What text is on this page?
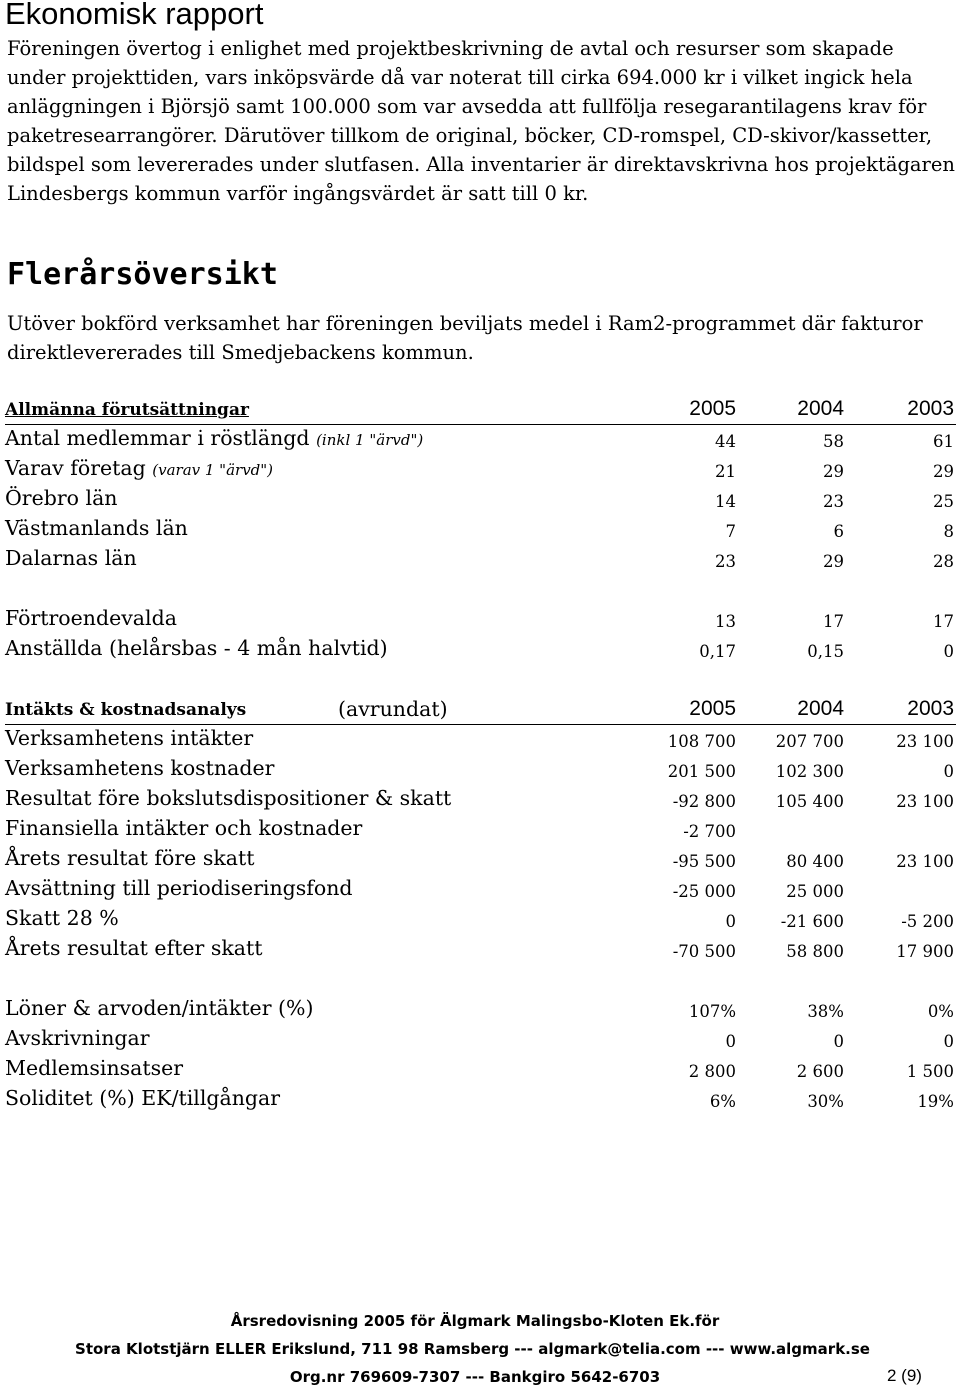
Ekonomisk rapport

Föreningen övertog i enlighet med projektbeskrivning de avtal och resurser som skapade under projekttiden, vars inköpsvärde då var noterat till cirka 694.000 kr i vilket ingick hela anläggningen i Björsjö samt 100.000 som var avsedda att fullfölja resegarantilagens krav för paketresearrangörer. Därutöver tillkom de original, böcker, CD-romspel, CD-skivor/kassetter, bildspel som levererades under slutfasen. Alla inventarier är direktavskrivna hos projektägaren Lindesbergs kommun varför ingångsvärdet är satt till 0 kr.

Flerårsöversikt

Utöver bokförd verksamhet har föreningen beviljats medel i Ram2-programmet där fakturor direktlevererades till Smedjebackens kommun.

Allmänna förutsättningar	2005	2004	2003
Antal medlemmar i röstlängd (inkl 1 "ärvd")	44	58	61
Varav företag (varav 1 "ärvd")	21	29	29
Örebro län	14	23	25
Västmanlands län	7	6	8
Dalarnas län	23	29	28
Förtroendevalda	13	17	17
Anställda (helårsbas - 4 mån halvtid)	0,17	0,15	0
Intäkts & kostnadsanalys	(avrundat)	2005	2004	2003
Verksamhetens intäkter	108 700	207 700	23 100
Verksamhetens kostnader	201 500	102 300	0
Resultat före bokslutsdispositioner & skatt	-92 800	105 400	23 100
Finansiella intäkter och kostnader	-2 700
Årets resultat före skatt	-95 500	80 400	23 100
Avsättning till periodiseringsfond	-25 000	25 000
Skatt 28 %	0	-21 600	-5 200
Årets resultat efter skatt	-70 500	58 800	17 900
Löner & arvoden/intäkter (%)	107%	38%	0%
Avskrivningar	0	0	0
Medlemsinsatser	2 800	2 600	1 500
Soliditet (%) EK/tillgångar	6%	30%	19%
Årsredovisning 2005 för Älgmark Malingsbo-Kloten Ek.för
Stora Klotstjärn ELLER Erikslund, 711 98 Ramsberg --- algmark@telia.com --- www.algmark.se
Org.nr 769609-7307 --- Bankgiro 5642-6703	2 (9)
